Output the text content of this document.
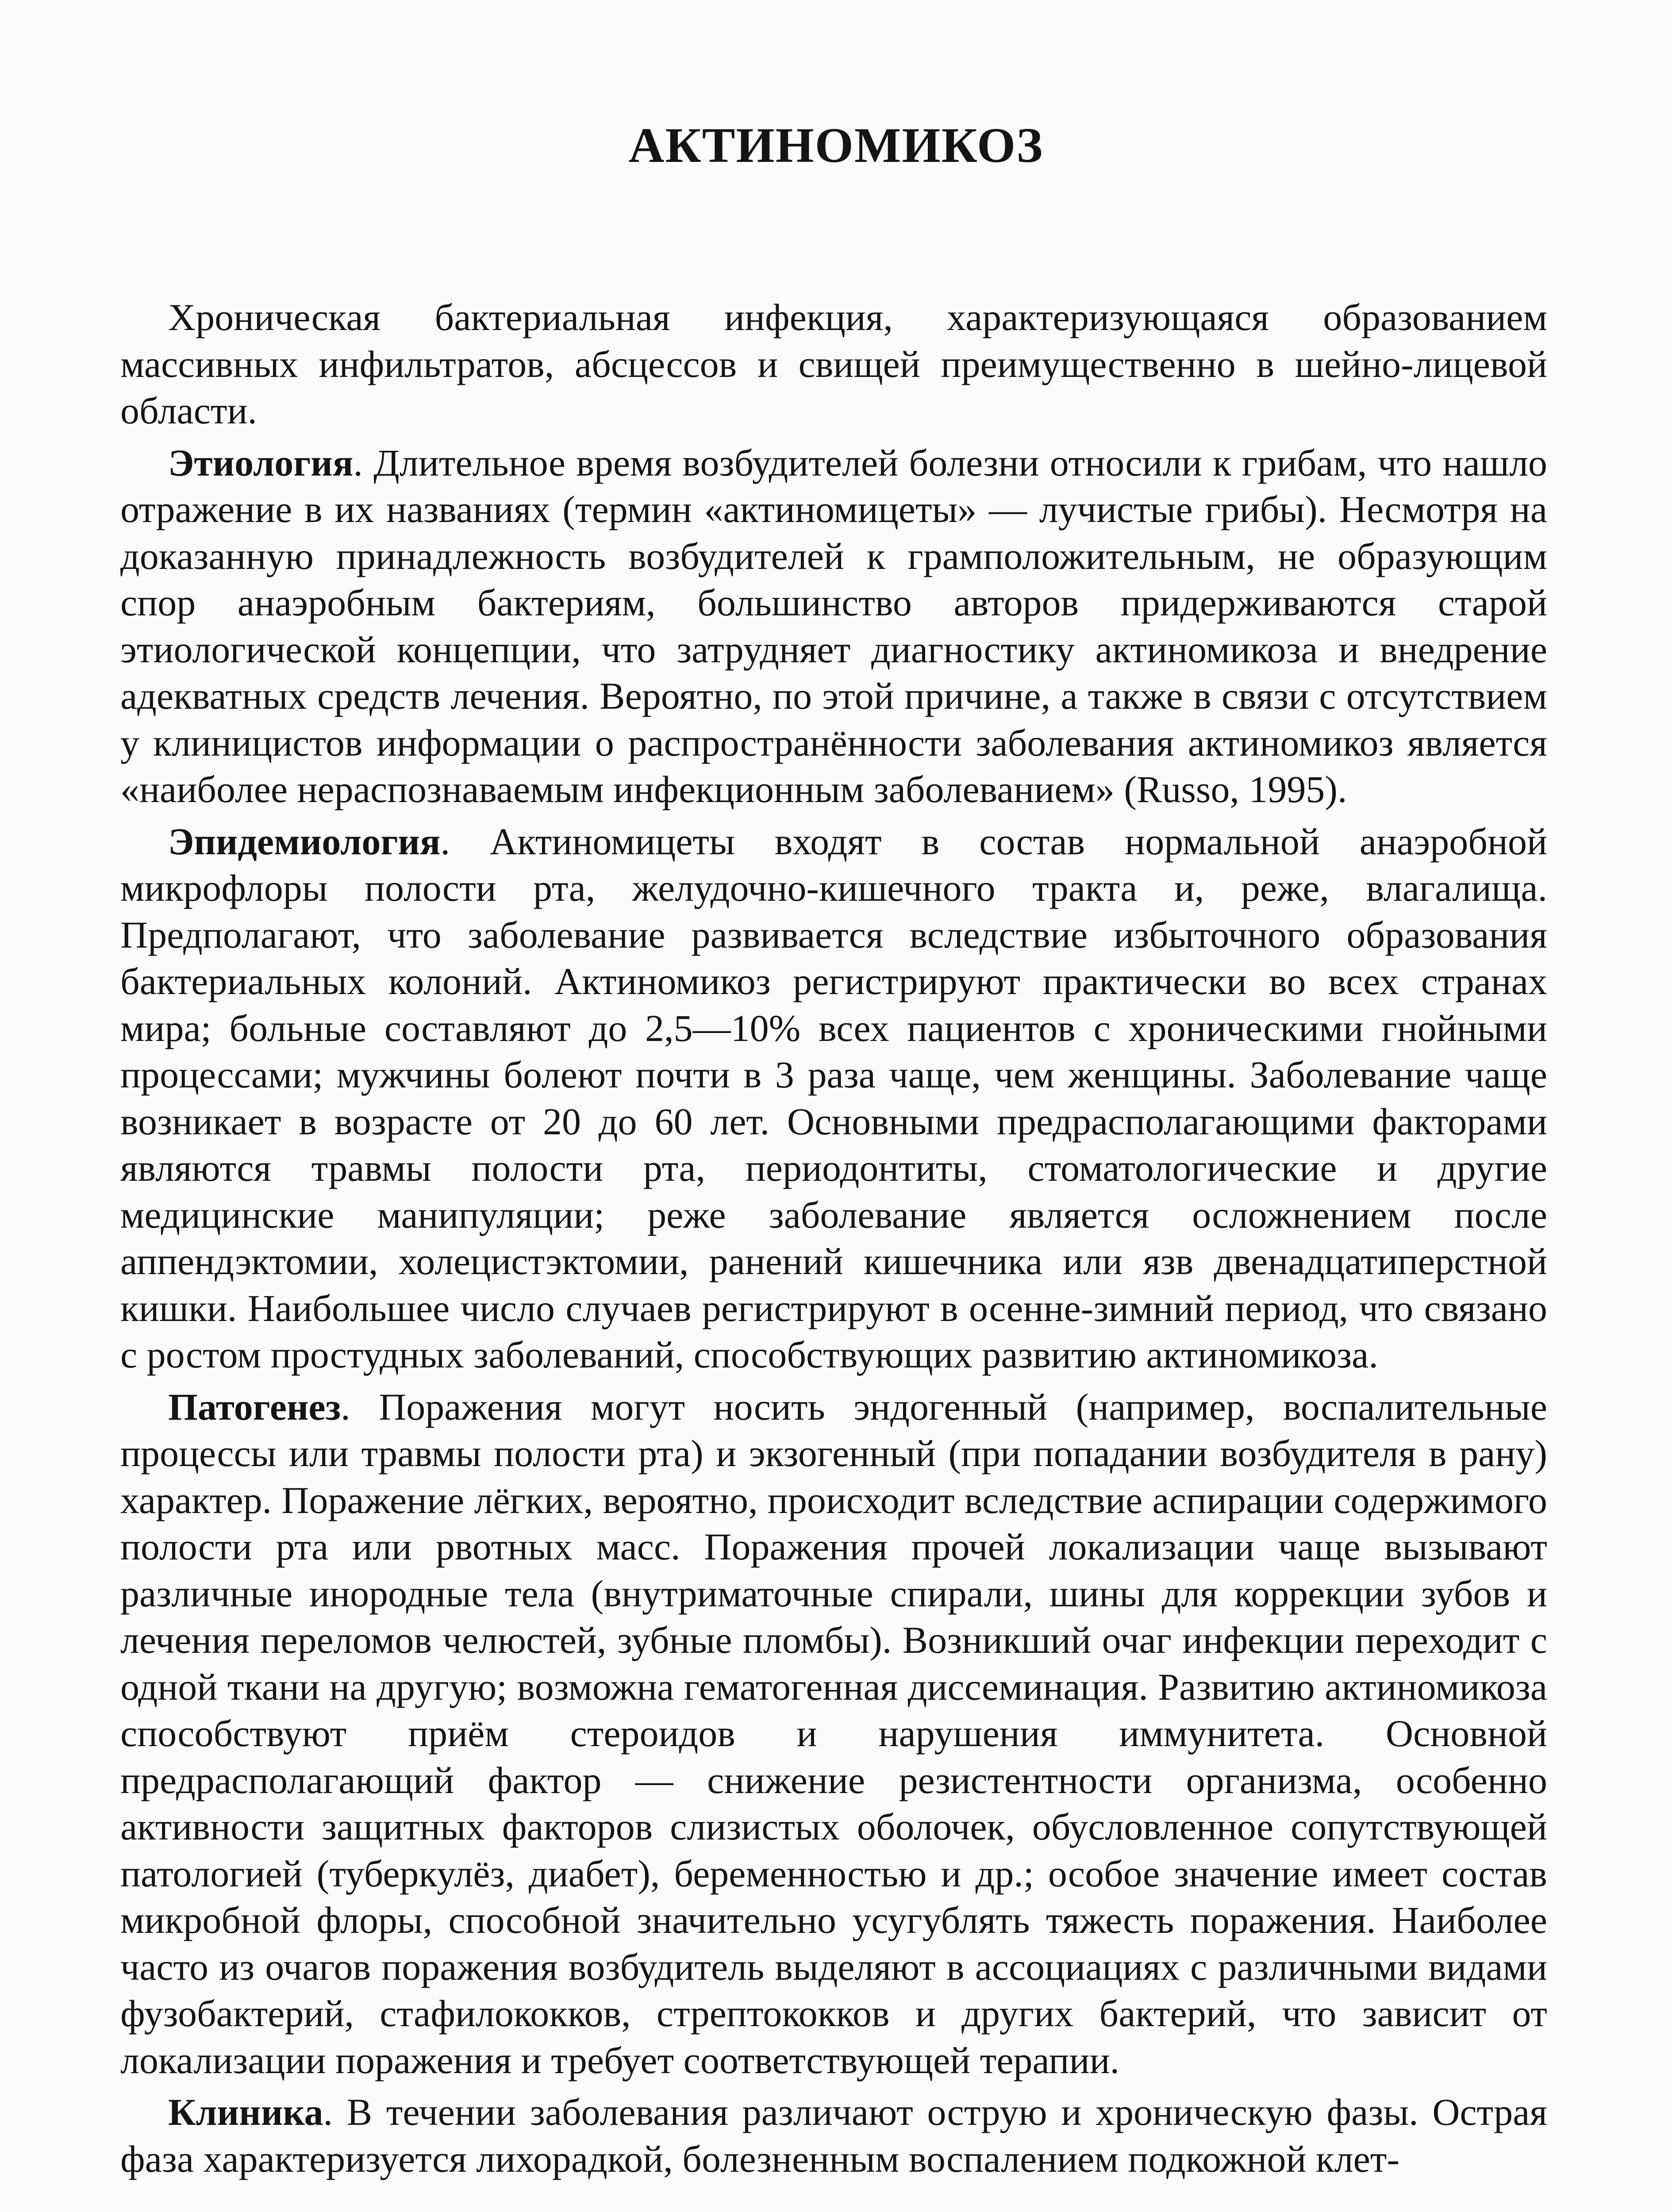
АКТИНОМИКОЗ

Хроническая бактериальная инфекция, характеризующаяся образованием массивных инфильтратов, абсцессов и свищей преимущественно в шейно-лицевой области.

Этиология. Длительное время возбудителей болезни относили к грибам, что нашло отражение в их названиях (термин «актиномицеты» — лучистые грибы). Несмотря на доказанную принадлежность возбудителей к грамположительным, не образующим спор анаэробным бактериям, большинство авторов придерживаются старой этиологической концепции, что затрудняет диагностику актиномикоза и внедрение адекватных средств лечения. Вероятно, по этой причине, а также в связи с отсутствием у клиницистов информации о распространённости заболевания актиномикоз является «наиболее нераспознаваемым инфекционным заболеванием» (Russo, 1995).

Эпидемиология. Актиномицеты входят в состав нормальной анаэробной микрофлоры полости рта, желудочно-кишечного тракта и, реже, влагалища. Предполагают, что заболевание развивается вследствие избыточного образования бактериальных колоний. Актиномикоз регистрируют практически во всех странах мира; больные составляют до 2,5—10% всех пациентов с хроническими гнойными процессами; мужчины болеют почти в 3 раза чаще, чем женщины. Заболевание чаще возникает в возрасте от 20 до 60 лет. Основными предрасполагающими факторами являются травмы полости рта, периодонтиты, стоматологические и другие медицинские манипуляции; реже заболевание является осложнением после аппендэктомии, холецистэктомии, ранений кишечника или язв двенадцатиперстной кишки. Наибольшее число случаев регистрируют в осенне-зимний период, что связано с ростом простудных заболеваний, способствующих развитию актиномикоза.

Патогенез. Поражения могут носить эндогенный (например, воспалительные процессы или травмы полости рта) и экзогенный (при попадании возбудителя в рану) характер. Поражение лёгких, вероятно, происходит вследствие аспирации содержимого полости рта или рвотных масс. Поражения прочей локализации чаще вызывают различные инородные тела (внутриматочные спирали, шины для коррекции зубов и лечения переломов челюстей, зубные пломбы). Возникший очаг инфекции переходит с одной ткани на другую; возможна гематогенная диссеминация. Развитию актиномикоза способствуют приём стероидов и нарушения иммунитета. Основной предрасполагающий фактор — снижение резистентности организма, особенно активности защитных факторов слизистых оболочек, обусловленное сопутствующей патологией (туберкулёз, диабет), беременностью и др.; особое значение имеет состав микробной флоры, способной значительно усугублять тяжесть поражения. Наиболее часто из очагов поражения возбудитель выделяют в ассоциациях с различными видами фузобактерий, стафилококков, стрептококков и других бактерий, что зависит от локализации поражения и требует соответствующей терапии.

Клиника. В течении заболевания различают острую и хроническую фазы. Острая фаза характеризуется лихорадкой, болезненным воспалением подкожной клет-
